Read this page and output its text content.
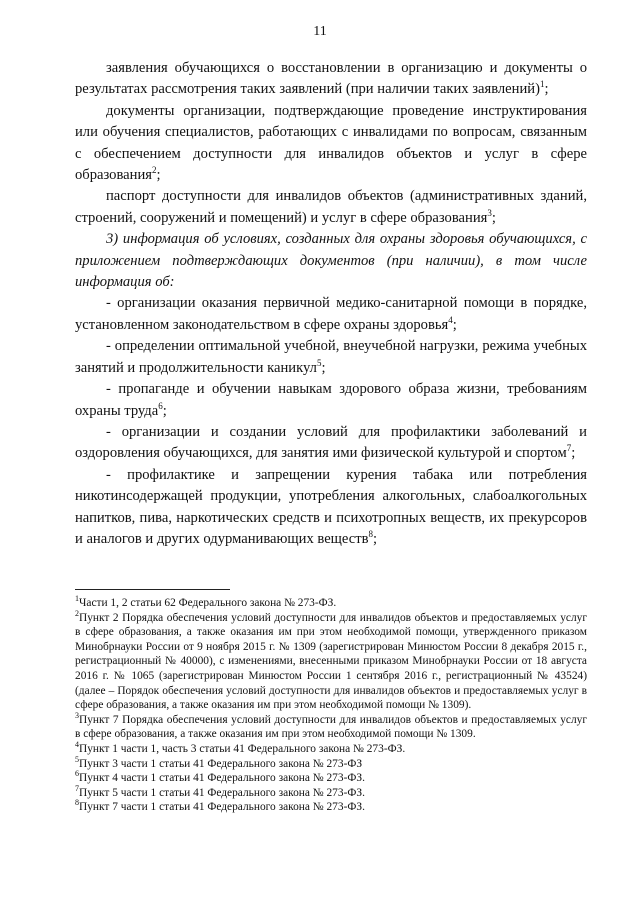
11

заявления обучающихся о восстановлении в организацию и документы о результатах рассмотрения таких заявлений (при наличии таких заявлений)$^1$;

документы организации, подтверждающие проведение инструктирования или обучения специалистов, работающих с инвалидами по вопросам, связанным с обеспечением доступности для инвалидов объектов и услуг в сфере образования$^2$;

паспорт доступности для инвалидов объектов (административных зданий, строений, сооружений и помещений) и услуг в сфере образования$^3$;

3) информация об условиях, созданных для охраны здоровья обучающихся, с приложением подтверждающих документов (при наличии), в том числе информация об:

- организации оказания первичной медико-санитарной помощи в порядке, установленном законодательством в сфере охраны здоровья$^4$;

- определении оптимальной учебной, внеучебной нагрузки, режима учебных занятий и продолжительности каникул$^5$;

- пропаганде и обучении навыкам здорового образа жизни, требованиям охраны труда$^6$;

- организации и создании условий для профилактики заболеваний и оздоровления обучающихся, для занятия ими физической культурой и спортом$^7$;

- профилактике и запрещении курения табака или потребления никотинсодержащей продукции, употребления алкогольных, слабоалкогольных напитков, пива, наркотических средств и психотропных веществ, их прекурсоров и аналогов и других одурманивающих веществ$^8$;

$^1$Части 1, 2 статьи 62 Федерального закона № 273-ФЗ.

$^2$Пункт 2 Порядка обеспечения условий доступности для инвалидов объектов и предоставляемых услуг в сфере образования, а также оказания им при этом необходимой помощи, утвержденного приказом Минобрнауки России от 9 ноября 2015 г. № 1309 (зарегистрирован Минюстом России 8 декабря 2015 г., регистрационный № 40000), с изменениями, внесенными приказом Минобрнауки России от 18 августа 2016 г. № 1065 (зарегистрирован Минюстом России 1 сентября 2016 г., регистрационный № 43524) (далее – Порядок обеспечения условий доступности для инвалидов объектов и предоставляемых услуг в сфере образования, а также оказания им при этом необходимой помощи № 1309).

$^3$Пункт 7 Порядка обеспечения условий доступности для инвалидов объектов и предоставляемых услуг в сфере образования, а также оказания им при этом необходимой помощи № 1309.

$^4$Пункт 1 части 1, часть 3 статьи 41 Федерального закона № 273-ФЗ.

$^5$Пункт 3 части 1 статьи 41 Федерального закона № 273-ФЗ

$^6$Пункт 4 части 1 статьи 41 Федерального закона № 273-ФЗ.

$^7$Пункт 5 части 1 статьи 41 Федерального закона № 273-ФЗ.

$^8$Пункт 7 части 1 статьи 41 Федерального закона № 273-ФЗ.
